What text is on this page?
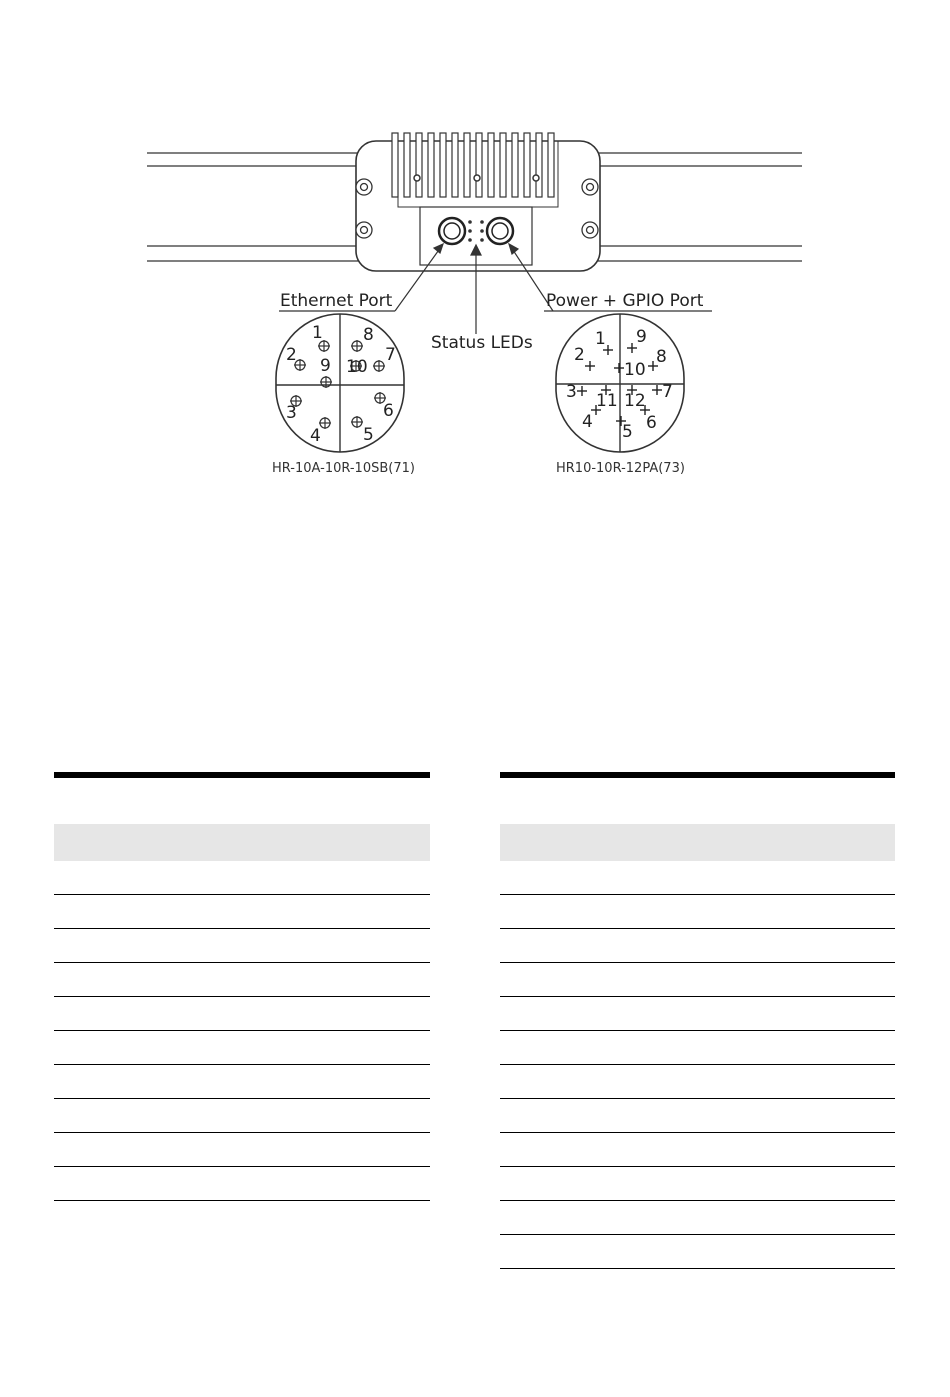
Ethernet Port	Power + GPIO Port
Status LEDs
1
2
3
4 5
6
7
8
9 10
HR-10A-10R-10SB(71)
1
2
3
4 5 6
7
8
9
10
11 12
HR10-10R-12PA(73)
